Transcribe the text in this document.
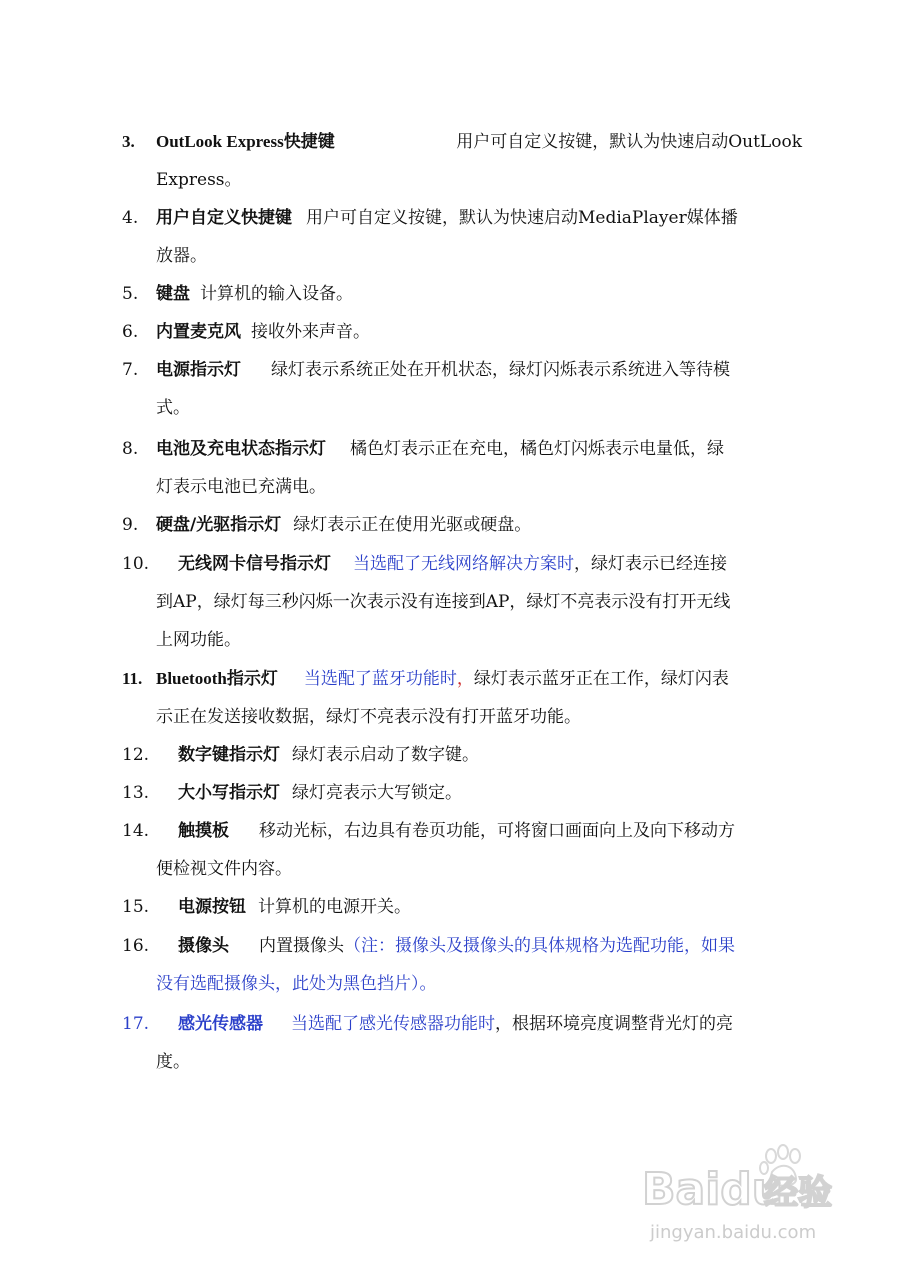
3. OutLook Express快捷键	用户可自定义按键，默认为快速启动OutLook
Express。
4. 用户自定义快捷键 用户可自定义按键，默认为快速启动MediaPlayer媒体播
放器。
5. 键盘 计算机的输入设备。
6. 内置麦克风 接收外来声音。
7. 电源指示灯 绿灯表示系统正处在开机状态，绿灯闪烁表示系统进入等待模
式。
8. 电池及充电状态指示灯 橘色灯表示正在充电，橘色灯闪烁表示电量低，绿
灯表示电池已充满电。
9. 硬盘/光驱指示灯 绿灯表示正在使用光驱或硬盘。
10. 无线网卡信号指示灯 当选配了无线网络解决方案时，绿灯表示已经连接
到AP，绿灯每三秒闪烁一次表示没有连接到AP，绿灯不亮表示没有打开无线
上网功能。
11. Bluetooth指示灯 当选配了蓝牙功能时，绿灯表示蓝牙正在工作，绿灯闪表
示正在发送接收数据，绿灯不亮表示没有打开蓝牙功能。
12. 数字键指示灯 绿灯表示启动了数字键。
13. 大小写指示灯 绿灯亮表示大写锁定。
14. 触摸板 移动光标，右边具有卷页功能，可将窗口画面向上及向下移动方
便检视文件内容。
15. 电源按钮 计算机的电源开关。
16. 摄像头 内置摄像头（注：摄像头及摄像头的具体规格为选配功能，如果
没有选配摄像头，此处为黑色挡片）。
17. 感光传感器 当选配了感光传感器功能时，根据环境亮度调整背光灯的亮
度。
Baidu
经验
jingyan.baidu.com
